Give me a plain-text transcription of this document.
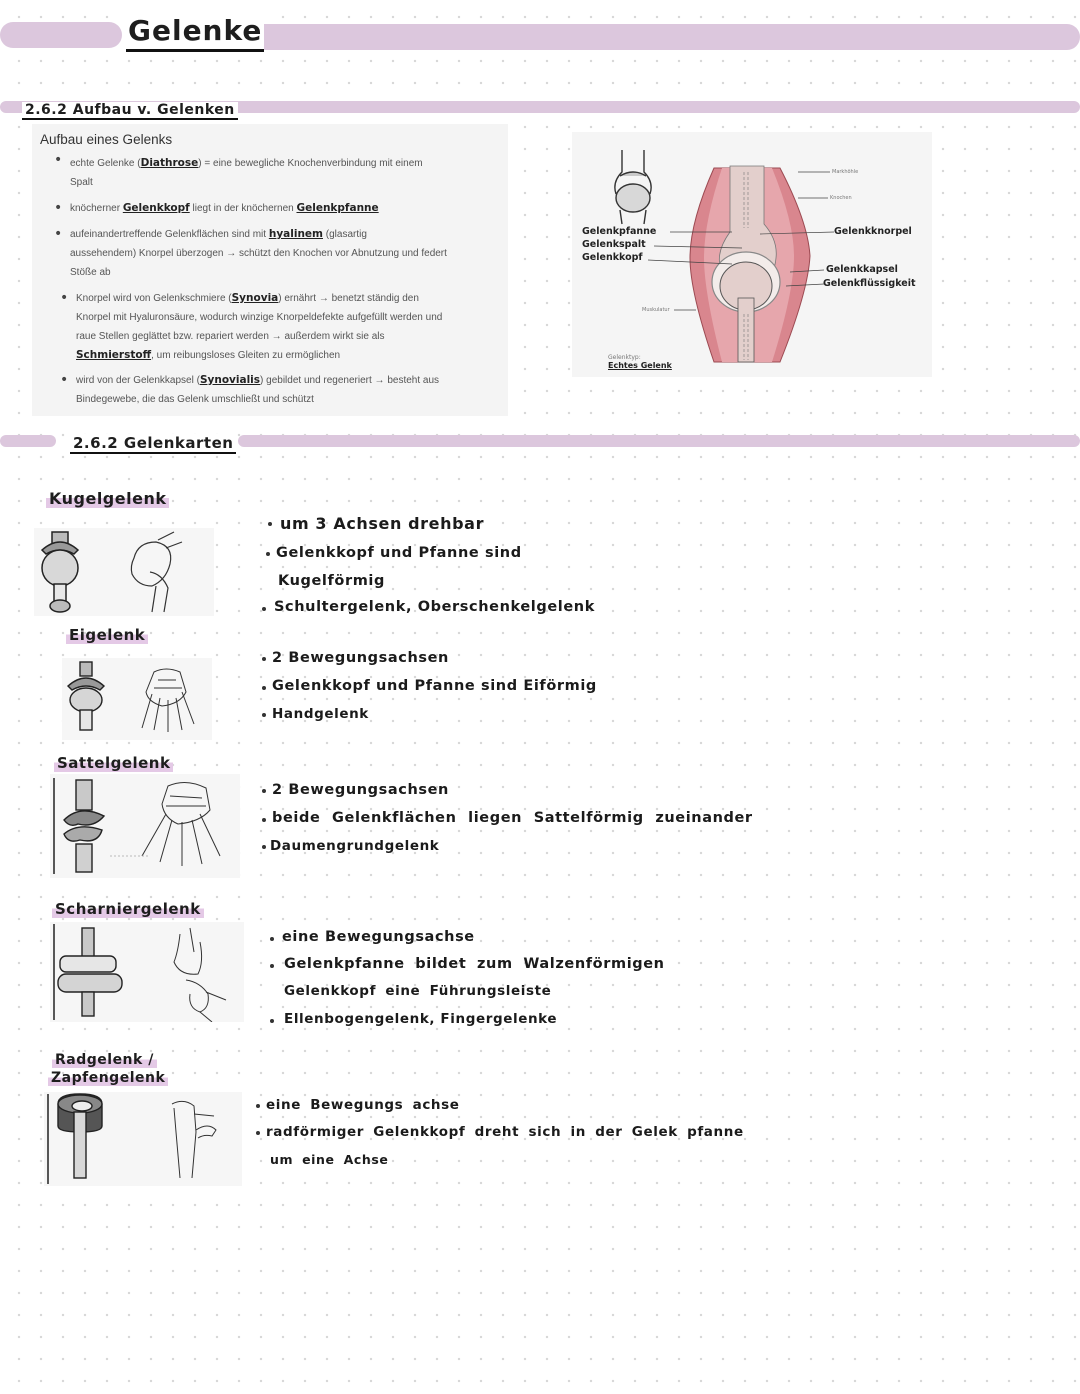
Gelenke
2.6.2 Aufbau v. Gelenken
Aufbau eines Gelenks
• echte Gelenke (Diathrose) = eine bewegliche Knochenverbindung mit einem
Spalt

• knöcherner Gelenkkopf liegt in der knöchernen Gelenkpfanne

• aufeinandertreffende Gelenkflächen sind mit hyalinem (glasartig
aussehendem) Knorpel überzogen → schützt den Knochen vor Abnutzung und federt
Stöße ab

• Knorpel wird von Gelenkschmiere (Synovia) ernährt → benetzt ständig den
Knorpel mit Hyaluronsäure, wodurch winzige Knorpeldefekte aufgefüllt werden und
raue Stellen geglättet bzw. repariert werden → außerdem wirkt sie als
Schmierstoff, um reibungsloses Gleiten zu ermöglichen

• wird von der Gelenkkapsel (Synovialis) gebildet und regeneriert → besteht aus
Bindegewebe, die das Gelenk umschließt und schützt

Gelenkpfanne
Gelenkspalt
Gelenkkopf
Gelenkknorpel
Gelenkkapsel
Gelenkflüssigkeit
Markhöhle
Knochen
Muskulatur
Gelenktyp:
Echtes Gelenk
2.6.2 Gelenkarten
Kugelgelenk
um 3 Achsen drehbar
Gelenkkopf und Pfanne sind
Kugelförmig
Schultergelenk, Oberschenkelgelenk
Eigelenk
2 Bewegungsachsen
Gelenkkopf und Pfanne sind Eiförmig
Handgelenk
Sattelgelenk
2 Bewegungsachsen
beide Gelenkflächen liegen Sattelförmig zueinander
Daumengrundgelenk
Scharniergelenk
eine Bewegungsachse
Gelenkpfanne bildet zum Walzenförmigen
Gelenkkopf eine Führungsleiste
Ellenbogengelenk, Fingergelenke
Radgelenk /
Zapfengelenk
eine Bewegungs achse
radförmiger Gelenkkopf dreht sich in der Gelek pfanne
um eine Achse
